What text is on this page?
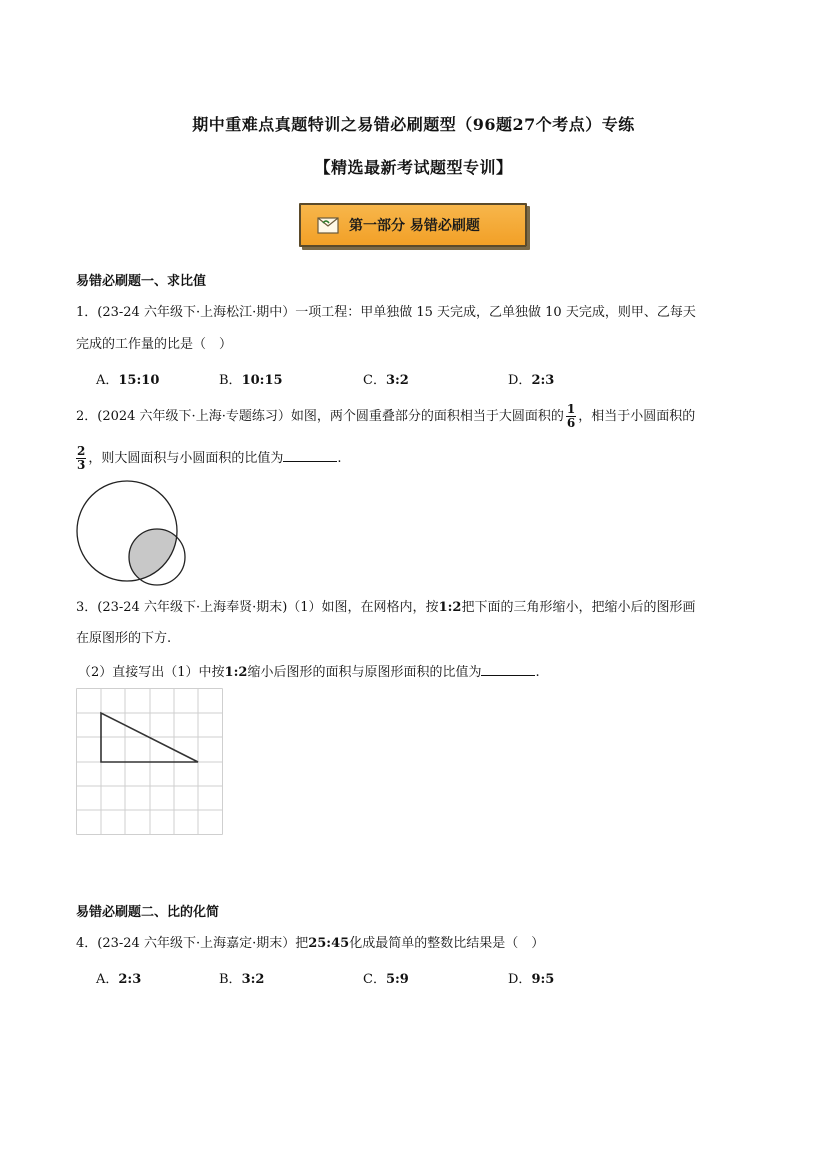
期中重难点真题特训之易错必刷题型（96题27个考点）专练
【精选最新考试题型专训】
第一部分 易错必刷题
易错必刷题一、求比值
1．(23-24 六年级下·上海松江·期中）一项工程：甲单独做 15 天完成，乙单独做 10 天完成，则甲、乙每天
完成的工作量的比是（　）
A．15:10	B．10:15	C．3:2	D．2:3
2．(2024 六年级下·上海·专题练习）如图，两个圆重叠部分的面积相当于大圆面积的 $\frac{1}{6}$ ，相当于小圆面积的
$\frac{2}{3}$ ，则大圆面积与小圆面积的比值为	.
3．(23-24 六年级下·上海奉贤·期末)（1）如图，在网格内，按1:2把下面的三角形缩小，把缩小后的图形画
在原图形的下方.
（2）直接写出（1）中按1:2缩小后图形的面积与原图形面积的比值为	.
易错必刷题二、比的化简
4．(23-24 六年级下·上海嘉定·期末）把25:45化成最简单的整数比结果是（　）
A．2:3	B．3:2	C．5:9	D．9:5
